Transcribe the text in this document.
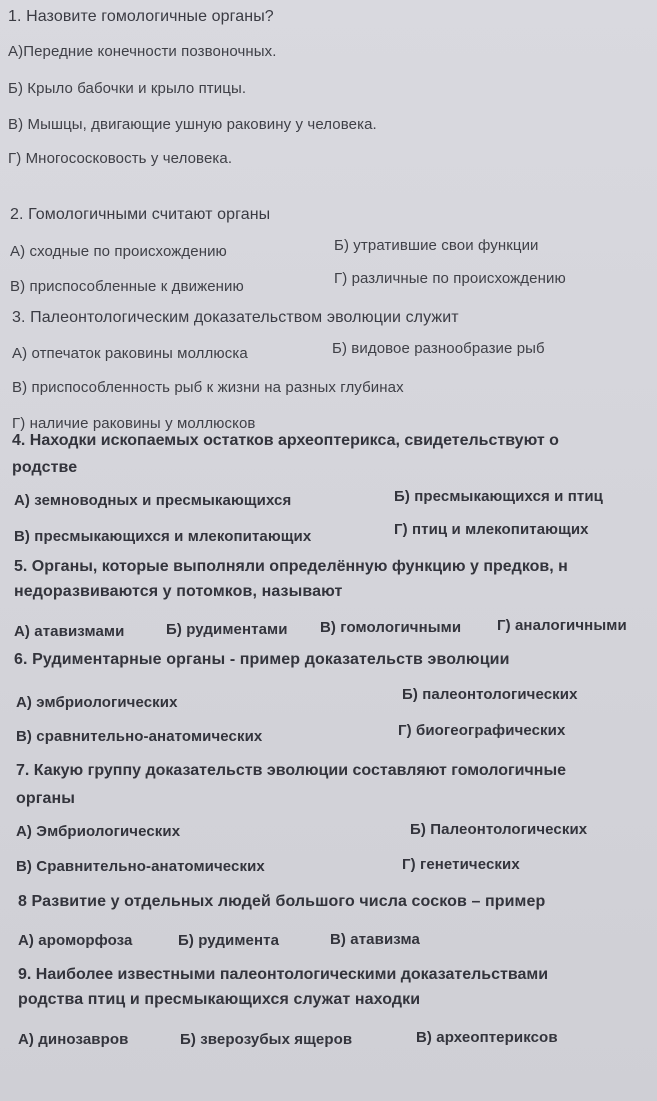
1. Назовите гомологичные органы?
А)Передние конечности позвоночных.
Б) Крыло бабочки и крыло птицы.
В) Мышцы, двигающие ушную раковину у человека.
Г) Многососковость у человека.
2. Гомологичными считают органы
А) сходные по происхождению	Б) утратившие свои функции
В) приспособленные к движению	Г) различные по происхождению
3. Палеонтологическим доказательством эволюции служит
А) отпечаток раковины моллюска	Б) видовое разнообразие рыб
В) приспособленность рыб к жизни на разных глубинах
Г) наличие раковины у моллюсков
4. Находки ископаемых остатков археоптерикса, свидетельствуют о
родстве
А) земноводных и пресмыкающихся	Б) пресмыкающихся и птиц
В) пресмыкающихся и млекопитающих	Г) птиц и млекопитающих
5. Органы, которые выполняли определённую функцию у предков, н
недоразвиваются у потомков, называют
А) атавизмами	Б) рудиментами В) гомологичными Г) аналогичными
6. Рудиментарные органы - пример доказательств эволюции
А) эмбриологических	Б) палеонтологических
В) сравнительно-анатомических	Г) биогеографических
7. Какую группу доказательств эволюции составляют гомологичные
органы
А) Эмбриологических	Б) Палеонтологических
В) Сравнительно-анатомических	Г) генетических
8 Развитие у отдельных людей большого числа сосков – пример
А) ароморфоза	Б) рудимента	В) атавизма
9. Наиболее известными палеонтологическими доказательствами
родства птиц и пресмыкающихся служат находки
А) динозавров	Б) зверозубых ящеров	В) археоптериксов
